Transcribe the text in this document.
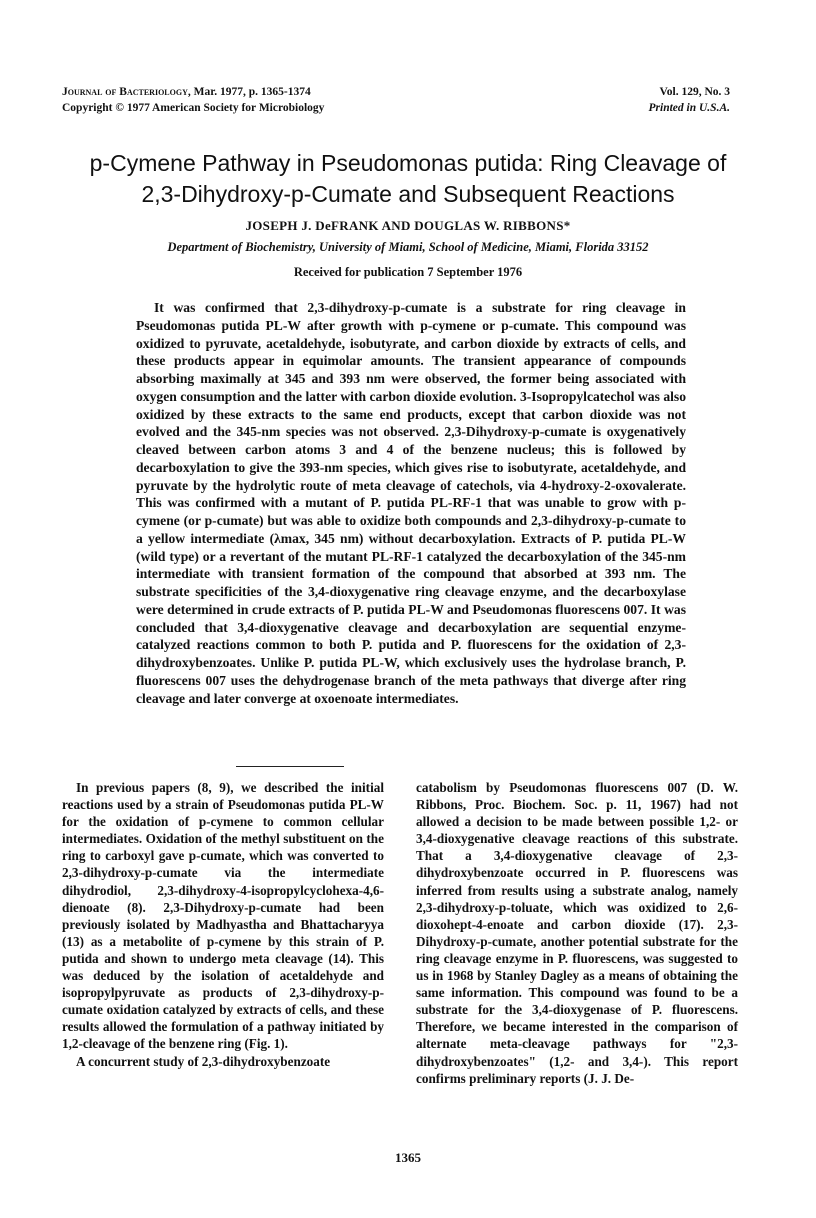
Journal of Bacteriology, Mar. 1977, p. 1365-1374
Copyright © 1977 American Society for Microbiology
Vol. 129, No. 3
Printed in U.S.A.
p-Cymene Pathway in Pseudomonas putida: Ring Cleavage of
2,3-Dihydroxy-p-Cumate and Subsequent Reactions
JOSEPH J. DeFRANK AND DOUGLAS W. RIBBONS*
Department of Biochemistry, University of Miami, School of Medicine, Miami, Florida 33152
Received for publication 7 September 1976

It was confirmed that 2,3-dihydroxy-p-cumate is a substrate for ring cleavage in Pseudomonas putida PL-W after growth with p-cymene or p-cumate. This compound was oxidized to pyruvate, acetaldehyde, isobutyrate, and carbon dioxide by extracts of cells, and these products appear in equimolar amounts. The transient appearance of compounds absorbing maximally at 345 and 393 nm were observed, the former being associated with oxygen consumption and the latter with carbon dioxide evolution. 3-Isopropylcatechol was also oxidized by these extracts to the same end products, except that carbon dioxide was not evolved and the 345-nm species was not observed. 2,3-Dihydroxy-p-cumate is oxygenatively cleaved between carbon atoms 3 and 4 of the benzene nucleus; this is followed by decarboxylation to give the 393-nm species, which gives rise to isobutyrate, acetaldehyde, and pyruvate by the hydrolytic route of meta cleavage of catechols, via 4-hydroxy-2-oxovalerate. This was confirmed with a mutant of P. putida PL-RF-1 that was unable to grow with p-cymene (or p-cumate) but was able to oxidize both compounds and 2,3-dihydroxy-p-cumate to a yellow intermediate (λmax, 345 nm) without decarboxylation. Extracts of P. putida PL-W (wild type) or a revertant of the mutant PL-RF-1 catalyzed the decarboxylation of the 345-nm intermediate with transient formation of the compound that absorbed at 393 nm. The substrate specificities of the 3,4-dioxygenative ring cleavage enzyme, and the decarboxylase were determined in crude extracts of P. putida PL-W and Pseudomonas fluorescens 007. It was concluded that 3,4-dioxygenative cleavage and decarboxylation are sequential enzyme-catalyzed reactions common to both P. putida and P. fluorescens for the oxidation of 2,3-dihydroxybenzoates. Unlike P. putida PL-W, which exclusively uses the hydrolase branch, P. fluorescens 007 uses the dehydrogenase branch of the meta pathways that diverge after ring cleavage and later converge at oxoenoate intermediates.

In previous papers (8, 9), we described the initial reactions used by a strain of Pseudomonas putida PL-W for the oxidation of p-cymene to common cellular intermediates. Oxidation of the methyl substituent on the ring to carboxyl gave p-cumate, which was converted to 2,3-dihydroxy-p-cumate via the intermediate dihydrodiol, 2,3-dihydroxy-4-isopropylcyclohexa-4,6-dienoate (8). 2,3-Dihydroxy-p-cumate had been previously isolated by Madhyastha and Bhattacharyya (13) as a metabolite of p-cymene by this strain of P. putida and shown to undergo meta cleavage (14). This was deduced by the isolation of acetaldehyde and isopropylpyruvate as products of 2,3-dihydroxy-p-cumate oxidation catalyzed by extracts of cells, and these results allowed the formulation of a pathway initiated by 1,2-cleavage of the benzene ring (Fig. 1).

A concurrent study of 2,3-dihydroxybenzoate

catabolism by Pseudomonas fluorescens 007 (D. W. Ribbons, Proc. Biochem. Soc. p. 11, 1967) had not allowed a decision to be made between possible 1,2- or 3,4-dioxygenative cleavage reactions of this substrate. That a 3,4-dioxygenative cleavage of 2,3-dihydroxybenzoate occurred in P. fluorescens was inferred from results using a substrate analog, namely 2,3-dihydroxy-p-toluate, which was oxidized to 2,6-dioxohept-4-enoate and carbon dioxide (17). 2,3-Dihydroxy-p-cumate, another potential substrate for the ring cleavage enzyme in P. fluorescens, was suggested to us in 1968 by Stanley Dagley as a means of obtaining the same information. This compound was found to be a substrate for the 3,4-dioxygenase of P. fluorescens. Therefore, we became interested in the comparison of alternate meta-cleavage pathways for "2,3-dihydroxybenzoates" (1,2- and 3,4-). This report confirms preliminary reports (J. J. De-

1365
